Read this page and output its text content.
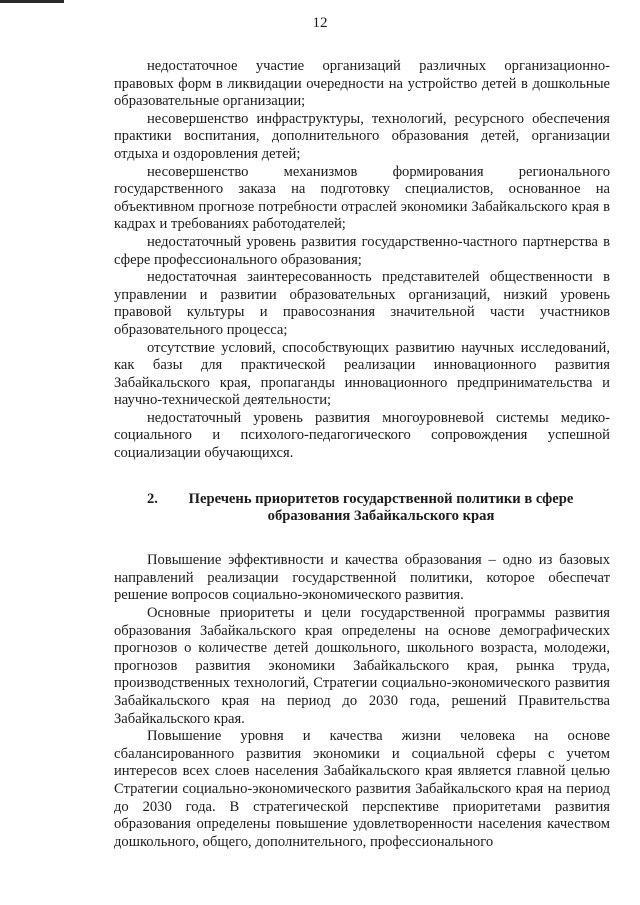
12

недостаточное участие организаций различных организационно-правовых форм в ликвидации очередности на устройство детей в дошкольные образовательные организации;

несовершенство инфраструктуры, технологий, ресурсного обеспечения практики воспитания, дополнительного образования детей, организации отдыха и оздоровления детей;

несовершенство механизмов формирования регионального государственного заказа на подготовку специалистов, основанное на объективном прогнозе потребности отраслей экономики Забайкальского края в кадрах и требованиях работодателей;

недостаточный уровень развития государственно-частного партнерства в сфере профессионального образования;

недостаточная заинтересованность представителей общественности в управлении и развитии образовательных организаций, низкий уровень правовой культуры и правосознания значительной части участников образовательного процесса;

отсутствие условий, способствующих развитию научных исследований, как базы для практической реализации инновационного развития Забайкальского края, пропаганды инновационного предпринимательства и научно-технической деятельности;

недостаточный уровень развития многоуровневой системы медико-социального и психолого-педагогического сопровождения успешной социализации обучающихся.

2.	Перечень приоритетов государственной политики в сфере образования Забайкальского края

Повышение эффективности и качества образования – одно из базовых направлений реализации государственной политики, которое обеспечат решение вопросов социально-экономического развития.

Основные приоритеты и цели государственной программы развития образования Забайкальского края определены на основе демографических прогнозов о количестве детей дошкольного, школьного возраста, молодежи, прогнозов развития экономики Забайкальского края, рынка труда, производственных технологий, Стратегии социально-экономического развития Забайкальского края на период до 2030 года, решений Правительства Забайкальского края.

Повышение уровня и качества жизни человека на основе сбалансированного развития экономики и социальной сферы с учетом интересов всех слоев населения Забайкальского края является главной целью Стратегии социально-экономического развития Забайкальского края на период до 2030 года. В стратегической перспективе приоритетами развития образования определены повышение удовлетворенности населения качеством дошкольного, общего, дополнительного, профессионального
